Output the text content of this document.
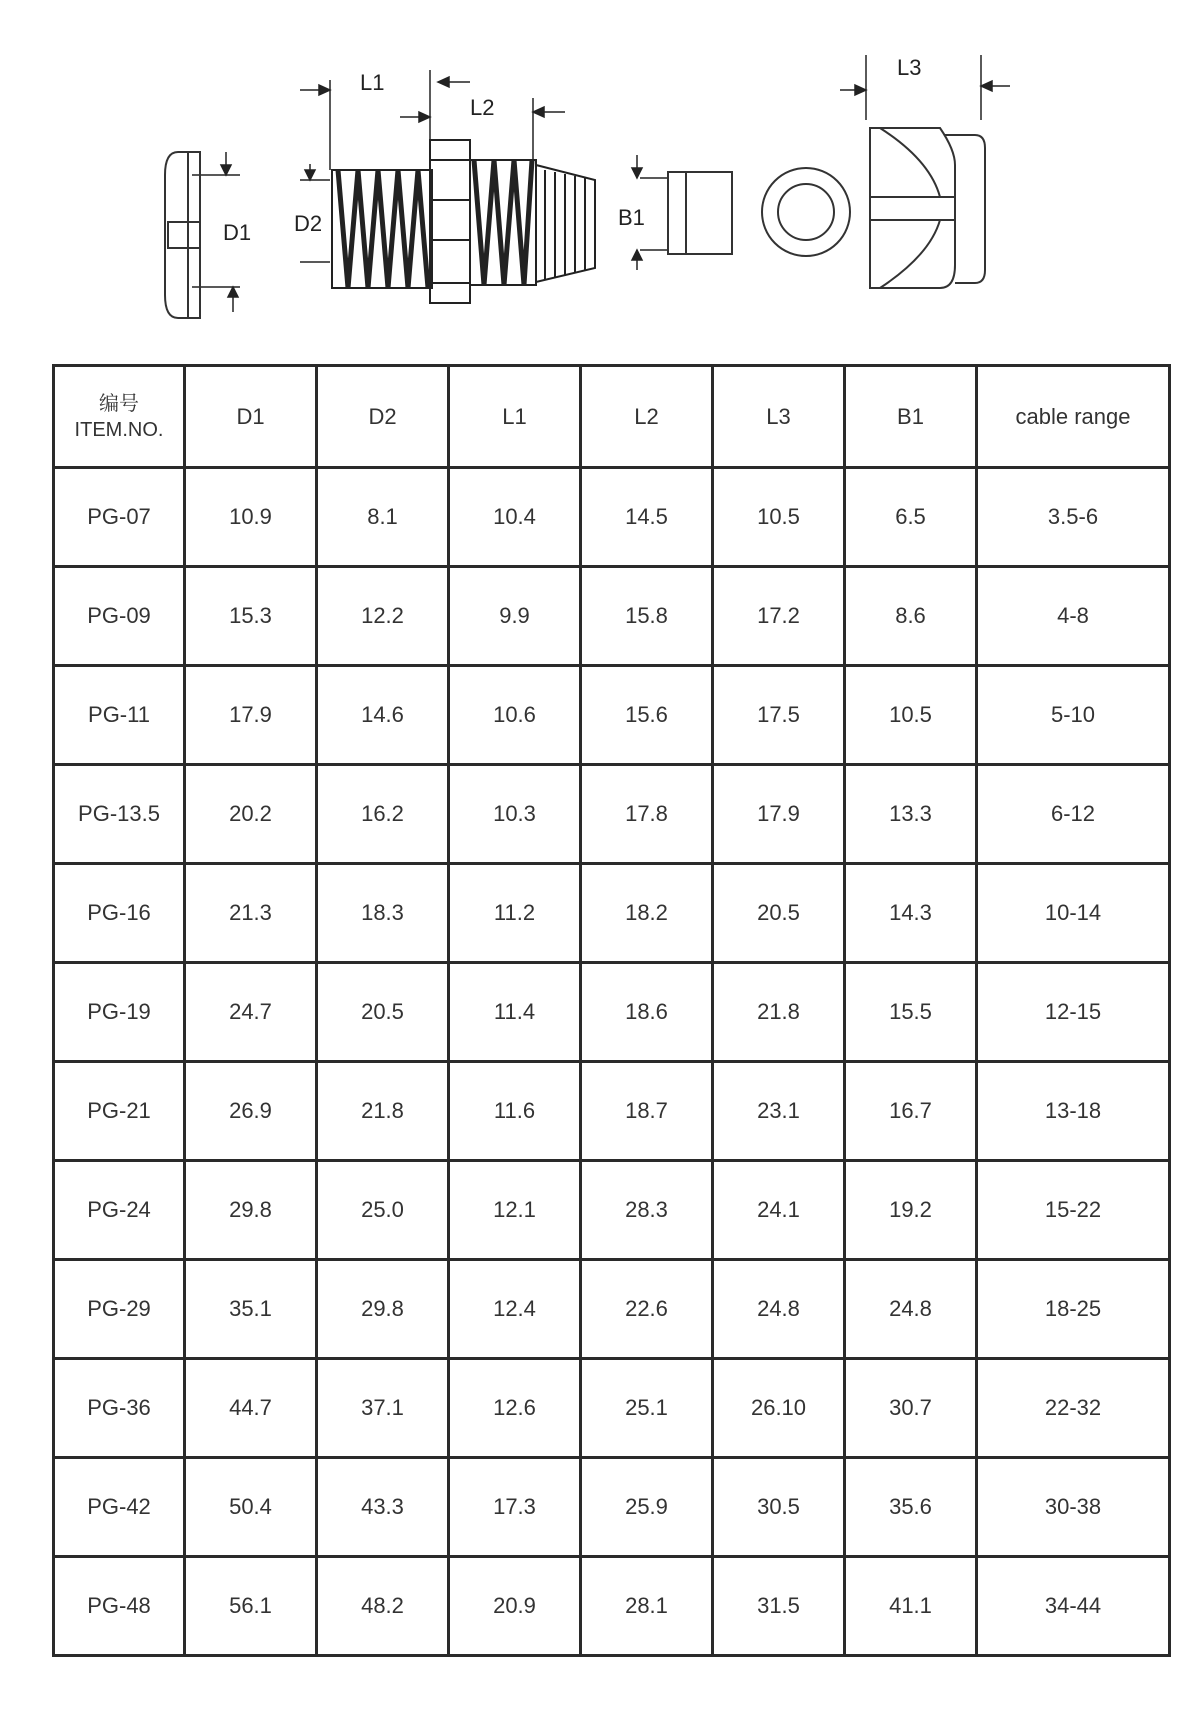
L1
L2
L3
D1 D2	B1
编号
ITEM.NO.	D1	D2	L1	L2	L3	B1	cable range
PG-07	10.9	8.1	10.4	14.5	10.5	6.5	3.5-6
PG-09	15.3	12.2	9.9	15.8	17.2	8.6	4-8
PG-11	17.9	14.6	10.6	15.6	17.5	10.5	5-10
PG-13.5	20.2	16.2	10.3	17.8	17.9	13.3	6-12
PG-16	21.3	18.3	11.2	18.2	20.5	14.3	10-14
PG-19	24.7	20.5	11.4	18.6	21.8	15.5	12-15
PG-21	26.9	21.8	11.6	18.7	23.1	16.7	13-18
PG-24	29.8	25.0	12.1	28.3	24.1	19.2	15-22
PG-29	35.1	29.8	12.4	22.6	24.8	24.8	18-25
PG-36	44.7	37.1	12.6	25.1	26.10	30.7	22-32
PG-42	50.4	43.3	17.3	25.9	30.5	35.6	30-38
PG-48	56.1	48.2	20.9	28.1	31.5	41.1	34-44
